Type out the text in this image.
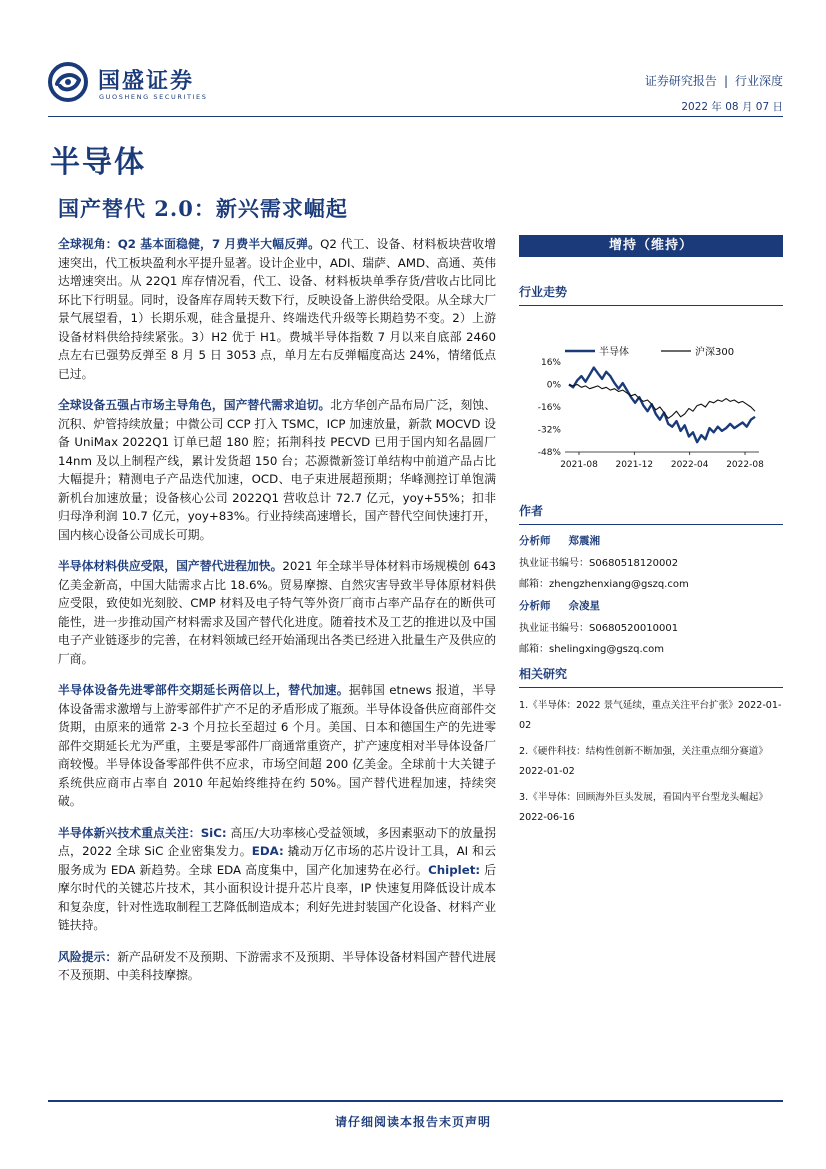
国盛证券
GUOSHENG SECURITIES
证券研究报告 | 行业深度
2022 年 08 月 07 日
半导体
国产替代 2.0：新兴需求崛起

全球视角：Q2 基本面稳健，7 月费半大幅反弹。Q2 代工、设备、材料板块营收增速突出，代工板块盈利水平提升显著。设计企业中，ADI、瑞萨、AMD、高通、英伟达增速突出。从 22Q1 库存情况看，代工、设备、材料板块单季存货/营收占比同比环比下行明显。同时，设备库存周转天数下行，反映设备上游供给受限。从全球大厂景气展望看，1）长期乐观，硅含量提升、终端迭代升级等长期趋势不变。2）上游设备材料供给持续紧张。3）H2 优于 H1。费城半导体指数 7 月以来自底部 2460 点左右已强势反弹至 8 月 5 日 3053 点，单月左右反弹幅度高达 24%，情绪低点已过。

全球设备五强占市场主导角色，国产替代需求迫切。北方华创产品布局广泛，刻蚀、沉积、炉管持续放量；中微公司 CCP 打入 TSMC，ICP 加速放量，新款 MOCVD 设备 UniMax 2022Q1 订单已超 180 腔；拓荆科技 PECVD 已用于国内知名晶圆厂 14nm 及以上制程产线，累计发货超 150 台；芯源微新签订单结构中前道产品占比大幅提升；精测电子产品迭代加速，OCD、电子束进展超预期；华峰测控订单饱满新机台加速放量；设备核心公司 2022Q1 营收总计 72.7 亿元，yoy+55%；扣非归母净利润 10.7 亿元，yoy+83%。行业持续高速增长，国产替代空间快速打开，国内核心设备公司成长可期。

半导体材料供应受限，国产替代进程加快。2021 年全球半导体材料市场规模创 643 亿美金新高，中国大陆需求占比 18.6%。贸易摩擦、自然灾害导致半导体原材料供应受限，致使如光刻胶、CMP 材料及电子特气等外资厂商市占率产品存在的断供可能性，进一步推动国产材料需求及国产替代化进度。随着技术及工艺的推进以及中国电子产业链逐步的完善，在材料领域已经开始涌现出各类已经进入批量生产及供应的厂商。

半导体设备先进零部件交期延长两倍以上，替代加速。据韩国 etnews 报道，半导体设备需求激增与上游零部件扩产不足的矛盾形成了瓶颈。半导体设备供应商部件交货期，由原来的通常 2-3 个月拉长至超过 6 个月。美国、日本和德国生产的先进零部件交期延长尤为严重，主要是零部件厂商通常重资产，扩产速度相对半导体设备厂商较慢。半导体设备零部件供不应求，市场空间超 200 亿美金。全球前十大关键子系统供应商市占率自 2010 年起始终维持在约 50%。国产替代进程加速，持续突破。

半导体新兴技术重点关注：SiC: 高压/大功率核心受益领域，多因素驱动下的放量拐点，2022 全球 SiC 企业密集发力。EDA: 撬动万亿市场的芯片设计工具，AI 和云服务成为 EDA 新趋势。全球 EDA 高度集中，国产化加速势在必行。Chiplet: 后摩尔时代的关键芯片技术，其小面积设计提升芯片良率，IP 快速复用降低设计成本和复杂度，针对性选取制程工艺降低制造成本；利好先进封装国产化设备、材料产业链扶持。

风险提示：新产品研发不及预期、下游需求不及预期、半导体设备材料国产替代进展不及预期、中美科技摩擦。

增持（维持）
行业走势
半导体	沪深300
16%
0%
-16%
-32%
-48%
2021-08 2021-12 2022-04 2022-08
作者
分析师 郑震湘
执业证书编号：S0680518120002
邮箱：zhengzhenxiang@gszq.com
分析师 佘凌星
执业证书编号：S0680520010001
邮箱：shelingxing@gszq.com
相关研究
1.《半导体：2022 景气延续，重点关注平台扩张》2022-01-02
2.《硬件科技：结构性创新不断加强，关注重点细分赛道》2022-01-02
3.《半导体：回顾海外巨头发展，看国内平台型龙头崛起》2022-06-16
请仔细阅读本报告末页声明
